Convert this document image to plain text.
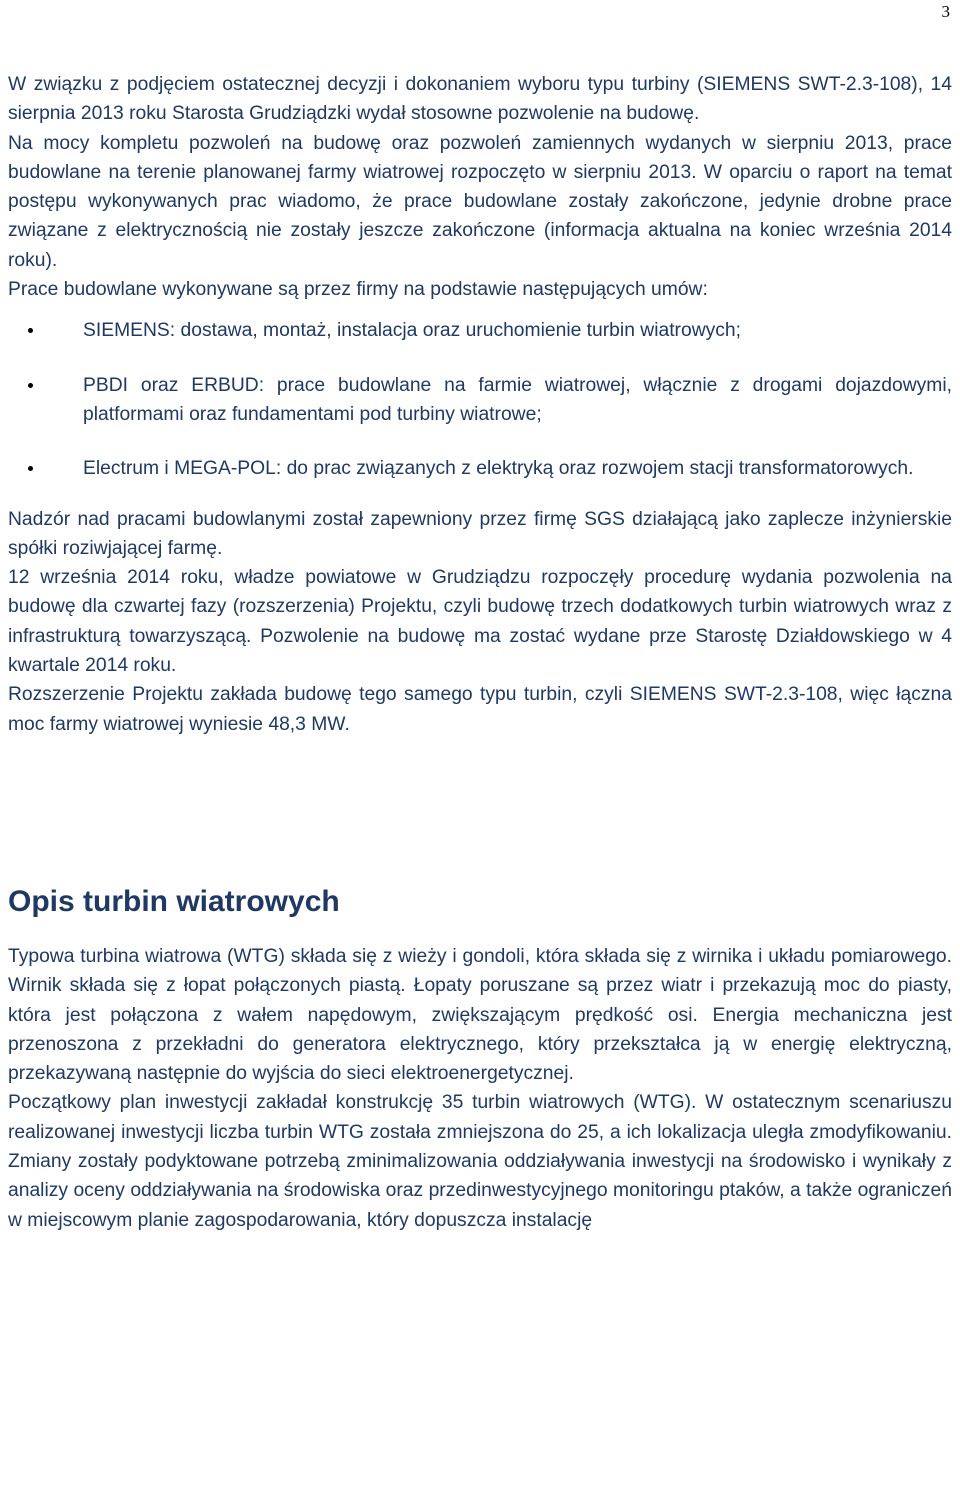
3

W związku z podjęciem ostatecznej decyzji i dokonaniem wyboru typu turbiny (SIEMENS SWT-2.3-108), 14 sierpnia 2013 roku Starosta Grudziądzki wydał stosowne pozwolenie na budowę.

Na mocy kompletu pozwoleń na budowę oraz pozwoleń zamiennych wydanych w sierpniu 2013, prace budowlane na terenie planowanej farmy wiatrowej rozpoczęto w sierpniu 2013. W oparciu o raport na temat postępu wykonywanych prac wiadomo, że prace budowlane zostały zakończone, jedynie drobne prace związane z elektrycznością nie zostały jeszcze zakończone (informacja aktualna na koniec września 2014 roku).

Prace budowlane wykonywane są przez firmy na podstawie następujących umów:

SIEMENS: dostawa, montaż, instalacja oraz uruchomienie turbin wiatrowych;
PBDI oraz ERBUD: prace budowlane na farmie wiatrowej, włącznie z drogami dojazdowymi, platformami oraz fundamentami pod turbiny wiatrowe;
Electrum i MEGA-POL: do prac związanych z elektryką oraz rozwojem stacji transformatorowych.

Nadzór nad pracami budowlanymi został zapewniony przez firmę SGS działającą jako zaplecze inżynierskie spółki roziwjającej farmę.

12 września 2014 roku, władze powiatowe w Grudziądzu rozpoczęły procedurę wydania pozwolenia na budowę dla czwartej fazy (rozszerzenia) Projektu, czyli budowę trzech dodatkowych turbin wiatrowych wraz z infrastrukturą towarzyszącą. Pozwolenie na budowę ma zostać wydane prze Starostę Działdowskiego w 4 kwartale 2014 roku.

Rozszerzenie Projektu zakłada budowę tego samego typu turbin, czyli SIEMENS SWT-2.3-108, więc łączna moc farmy wiatrowej wyniesie 48,3 MW.

Opis turbin wiatrowych

Typowa turbina wiatrowa (WTG) składa się z wieży i gondoli, która składa się z wirnika i układu pomiarowego. Wirnik składa się z łopat połączonych piastą. Łopaty poruszane są przez wiatr i przekazują moc do piasty, która jest połączona z wałem napędowym, zwiększającym prędkość osi. Energia mechaniczna jest przenoszona z przekładni do generatora elektrycznego, który przekształca ją w energię elektryczną, przekazywaną następnie do wyjścia do sieci elektroenergetycznej.

Początkowy plan inwestycji zakładał konstrukcję 35 turbin wiatrowych (WTG). W ostatecznym scenariuszu realizowanej inwestycji liczba turbin WTG została zmniejszona do 25, a ich lokalizacja uległa zmodyfikowaniu. Zmiany zostały podyktowane potrzebą zminimalizowania oddziaływania inwestycji na środowisko i wynikały z analizy oceny oddziaływania na środowiska oraz przedinwestycyjnego monitoringu ptaków, a także ograniczeń w miejscowym planie zagospodarowania, który dopuszcza instalację
